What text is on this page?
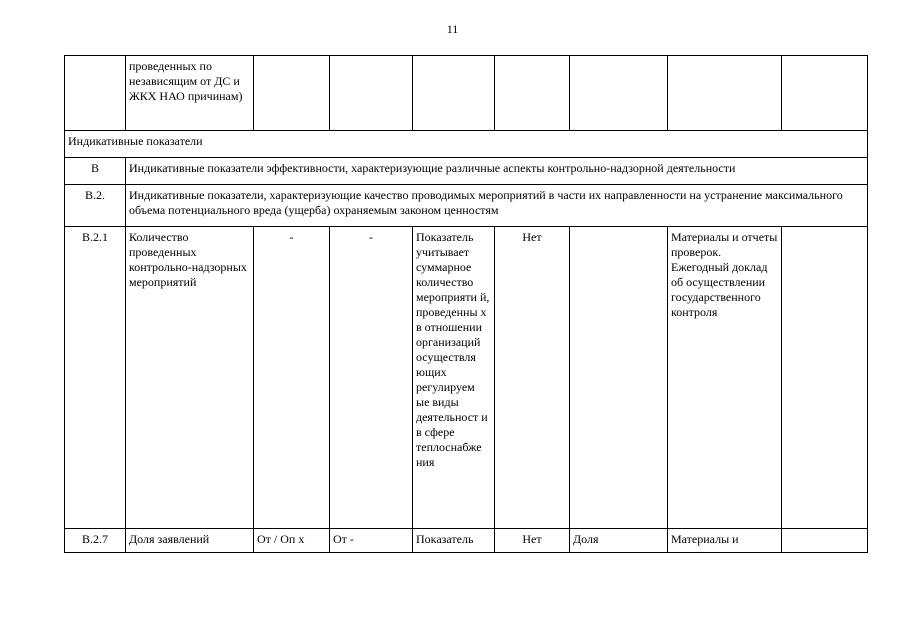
11
	проведенных по независящим от ДС и ЖКХ НАО причинам)							
Индикативные показатели								
В	Индикативные показатели эффективности, характеризующие различные аспекты контрольно-надзорной деятельности							
В.2.	Индикативные показатели, характеризующие качество проводимых мероприятий в части их направленности на устранение максимального объема потенциального вреда (ущерба) охраняемым законом ценностям							
В.2.1	Количество проведенных контрольно-надзорных мероприятий	-	-	Показатель учитывает суммарное количество мероприяти й, проведенны х в отношении организаций осуществля ющих регулируем ые виды деятельност и в сфере теплоснабже ния	Нет		Материалы и отчеты проверок. Ежегодный доклад об осуществлении государственного контроля	
В.2.7	Доля заявлений	От / Оп х	От -	Показатель	Нет	Доля	Материалы и	
